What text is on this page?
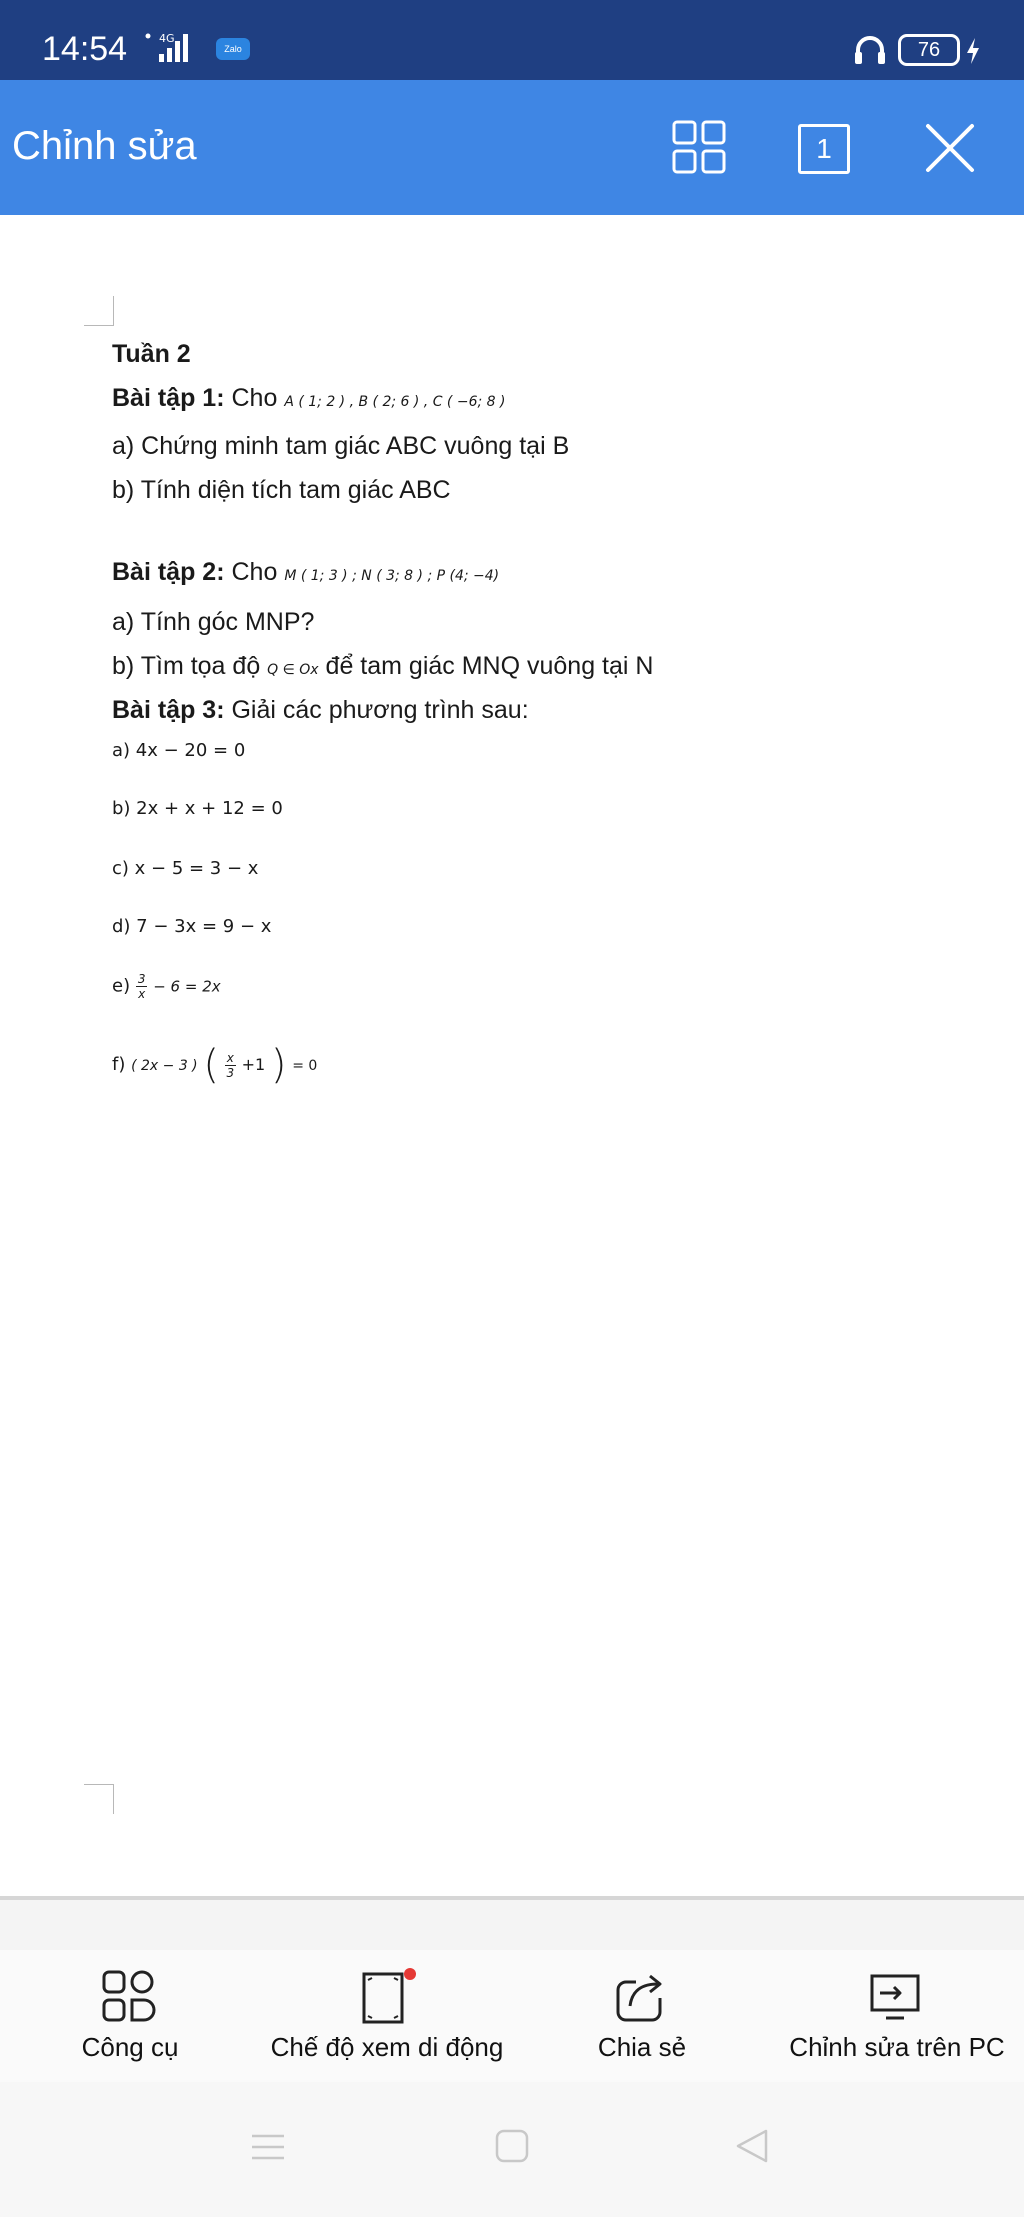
14:54	4G
Zalo	76
Chỉnh sửa	1
Tuần 2
Bài tập 1: Cho A ( 1; 2 ) , B ( 2; 6 ) , C ( −6; 8 )
a) Chứng minh tam giác ABC vuông tại B
b) Tính diện tích tam giác ABC
Bài tập 2: Cho M ( 1; 3 ) ; N ( 3; 8 ) ; P (4; −4)
a) Tính góc MNP?
b) Tìm tọa độ Q ∈ Ox để tam giác MNQ vuông tại N
Bài tập 3: Giải các phương trình sau:
a) 4x − 20 = 0
b) 2x + x + 12 = 0
c) x − 5 = 3 − x
d) 7 − 3x = 9 − x
$e) \frac{3}{x} - 6 = 2x$
f) ( 2x − 3 ) ( $\frac{x}{3} +1$ ) = 0
Công cụ	Chế độ xem di động	Chia sẻ	Chỉnh sửa trên PC
